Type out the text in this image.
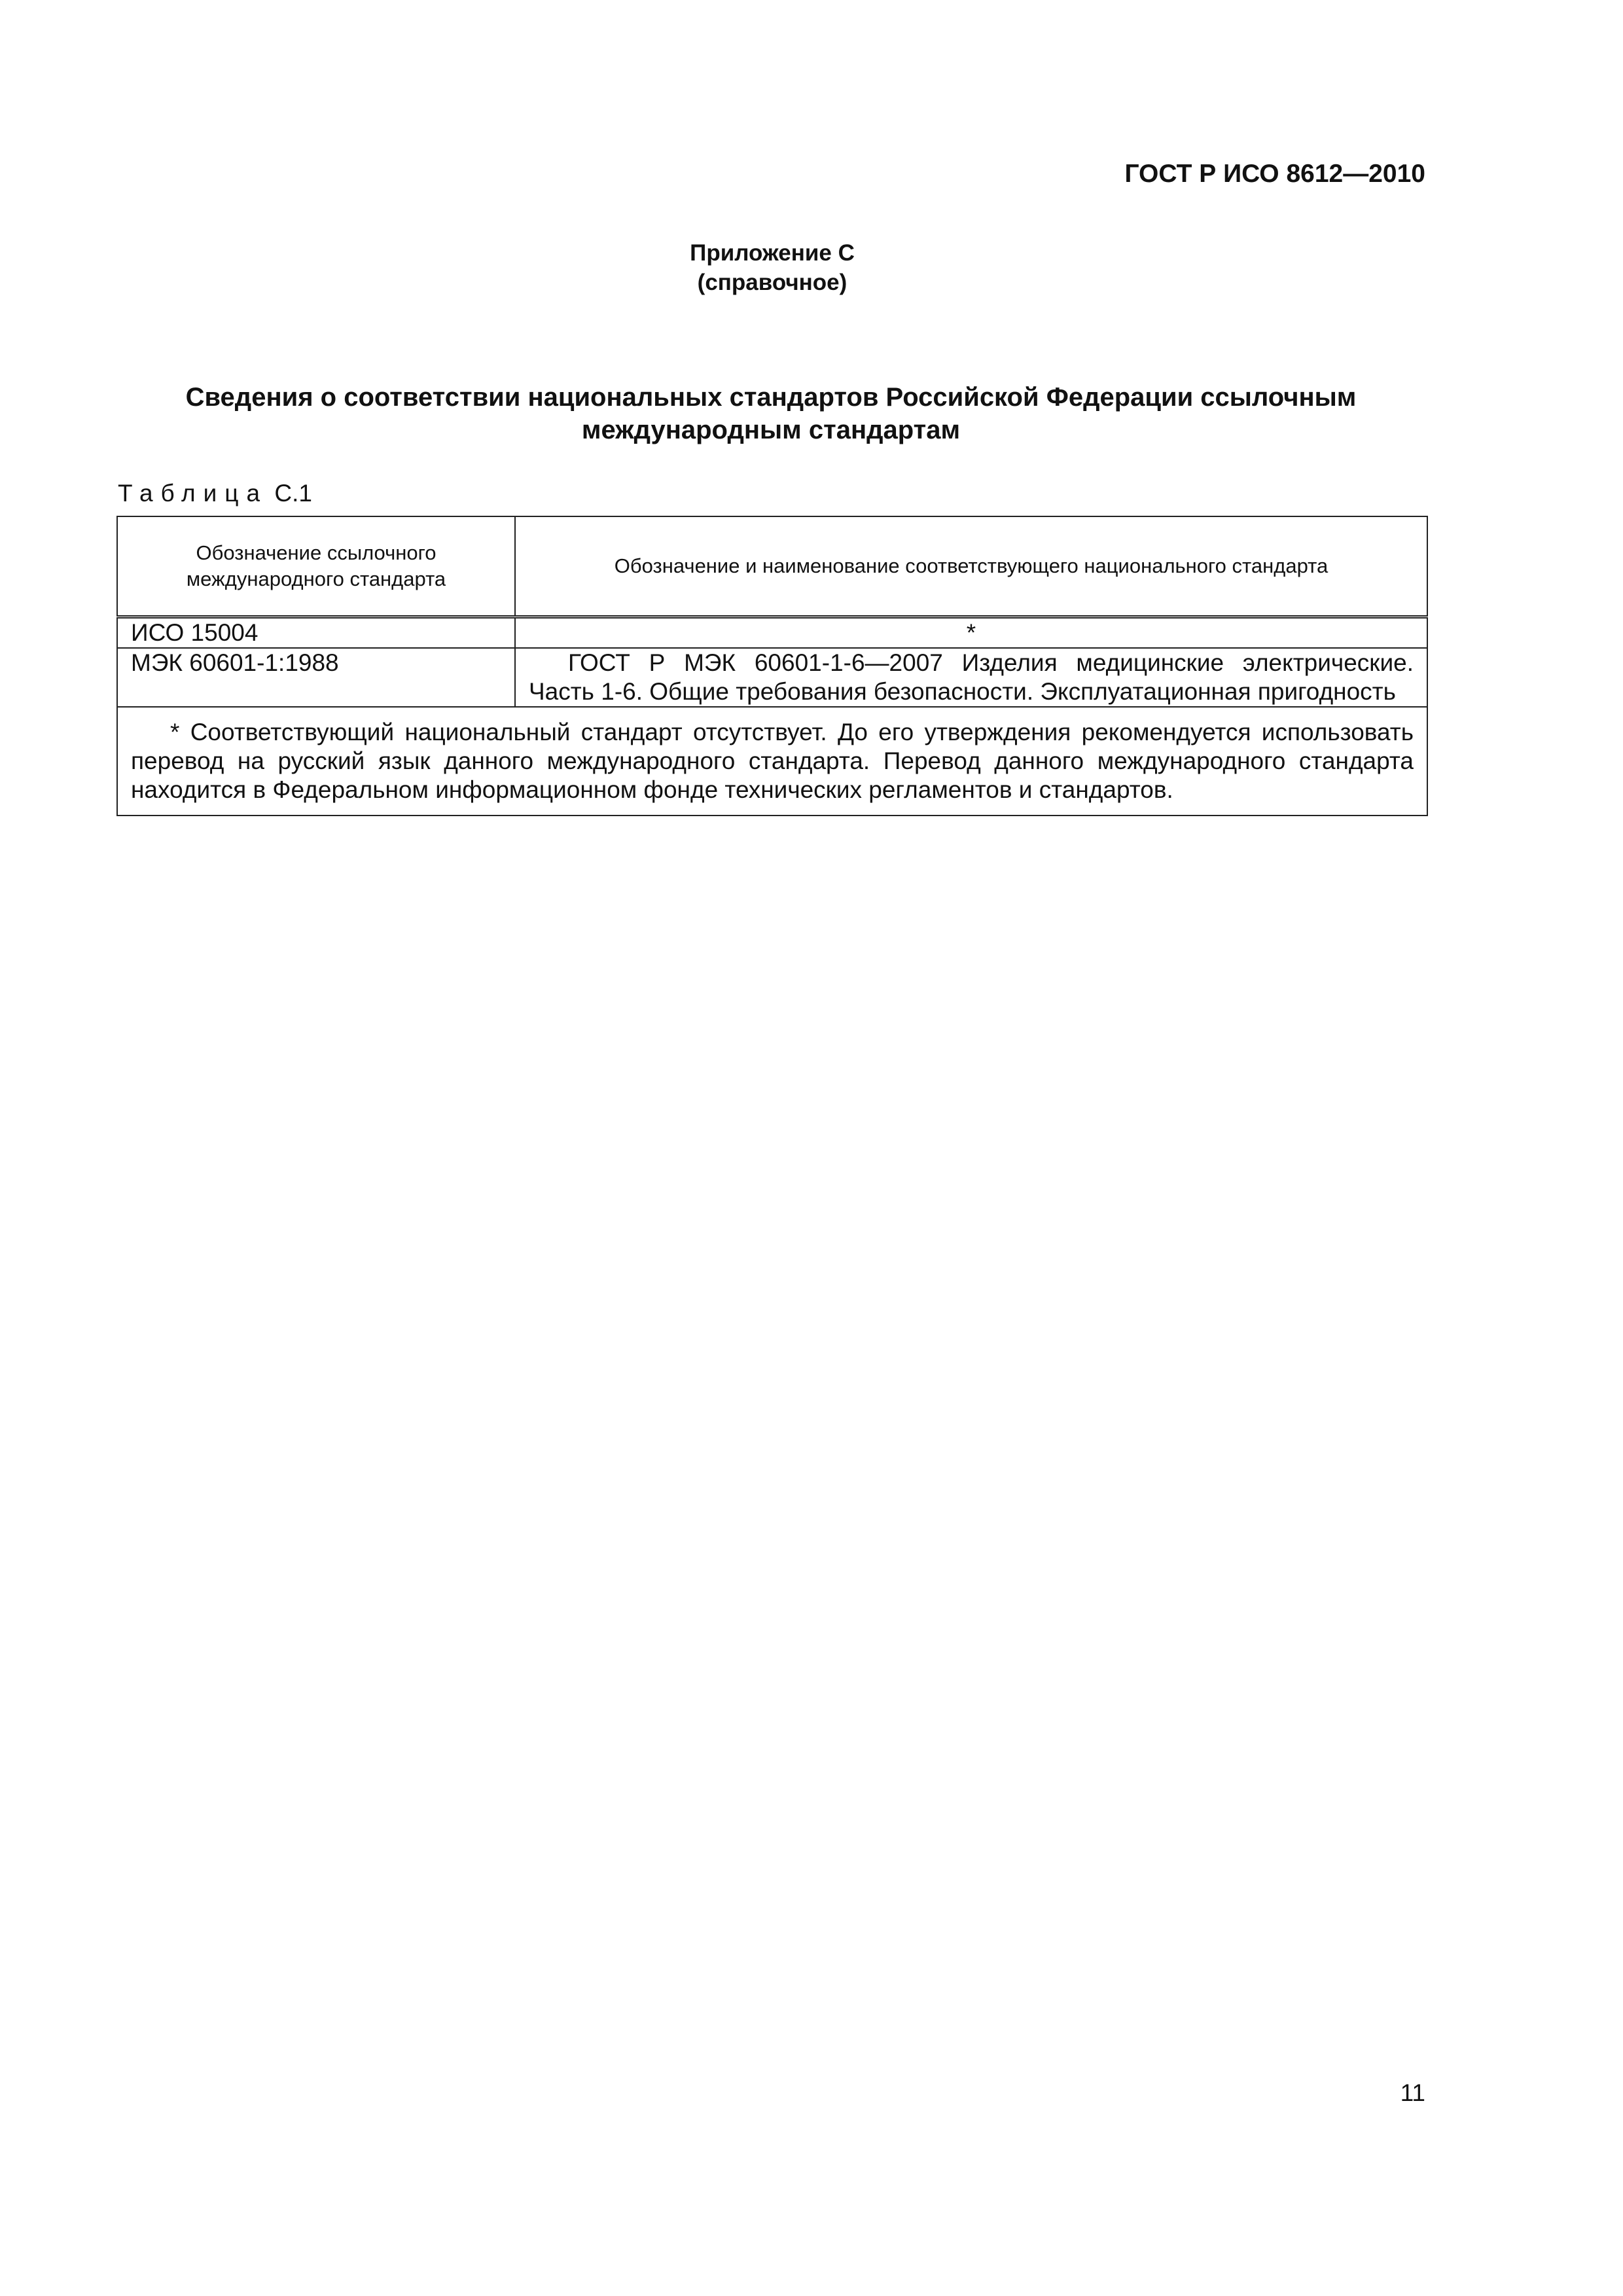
ГОСТ Р ИСО 8612—2010
Приложение С
(справочное)
Сведения о соответствии национальных стандартов Российской Федерации ссылочным международным стандартам
Таблица С.1
Обозначение ссылочного международного стандарта	Обозначение и наименование соответствующего национального стандарта
ИСО 15004	*
МЭК 60601-1:1988	ГОСТ Р МЭК 60601-1-6—2007 Изделия медицинские электрические.
Часть 1-6. Общие требования безопасности. Эксплуатационная пригодность
* Соответствующий национальный стандарт отсутствует. До его утверждения рекомендуется использовать перевод на русский язык данного международного стандарта. Перевод данного международного стандарта находится в Федеральном информационном фонде технических регламентов и стандартов.	
11
